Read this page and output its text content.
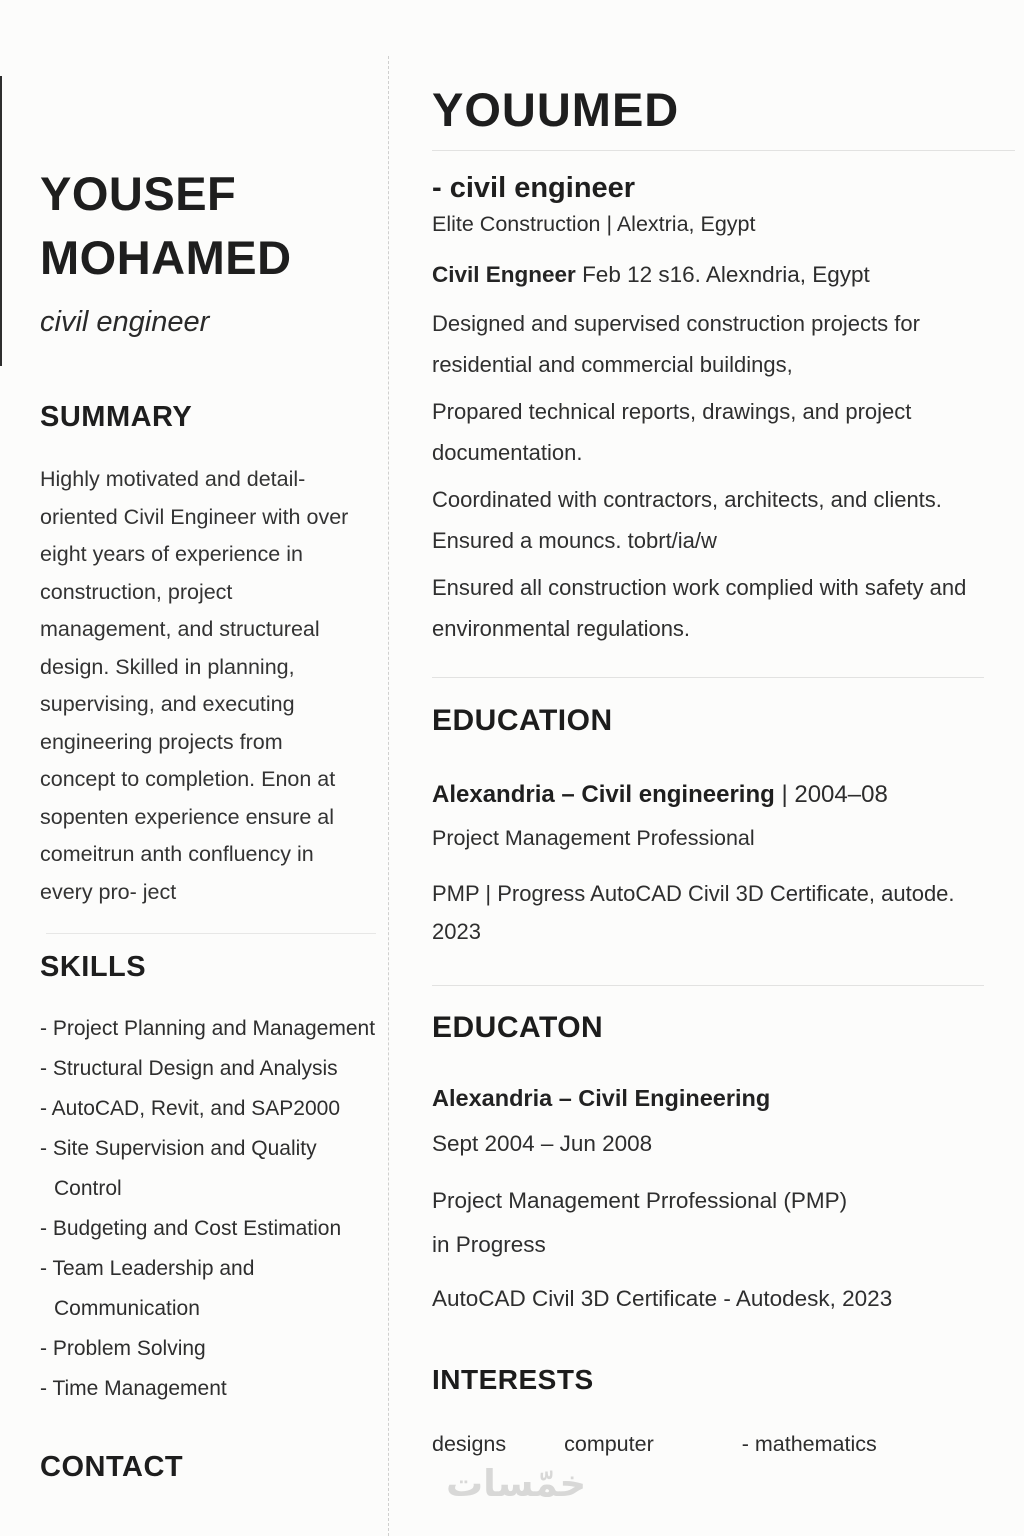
YOUSEF
MOHAMED
civil engineer
SUMMARY
Highly motivated and detail-oriented Civil Engineer with over eight years of experience in construction, project management, and structureal design. Skilled in planning, supervising, and executing engineering projects from concept to completion. Enon at sopenten experience ensure al comeitrun anth confluency in every pro- ject
SKILLS
- Project Planning and Management
- Structural Design and Analysis
- AutoCAD, Revit, and SAP2000
- Site Supervision and Quality Control
- Budgeting and Cost Estimation
- Team Leadership and Communication
- Problem Solving
- Time Management
CONTACT
YOUUMED
- civil engineer
Elite Construction | Alextria, Egypt
Civil Engneer Feb 12 s16. Alexndria, Egypt

Designed and supervised construction projects for residential and commercial buildings,

Propared technical reports, drawings, and project documentation.

Coordinated with contractors, architects, and clients. Ensured a mouncs. tobrt/ia/w

Ensured all construction work complied with safety and environmental regulations.

EDUCATION
Alexandria – Civil engineering | 2004–08
Project Management Professional
PMP | Progress AutoCAD Civil 3D Certificate, autode. 2023
EDUCATON
Alexandria – Civil Engineering
Sept 2004 – Jun 2008
Project Management Prrofessional (PMP)
in Progress
AutoCAD Civil 3D Certificate - Autodesk, 2023
INTERESTS
designs	computer	- mathematics
خمّسات
